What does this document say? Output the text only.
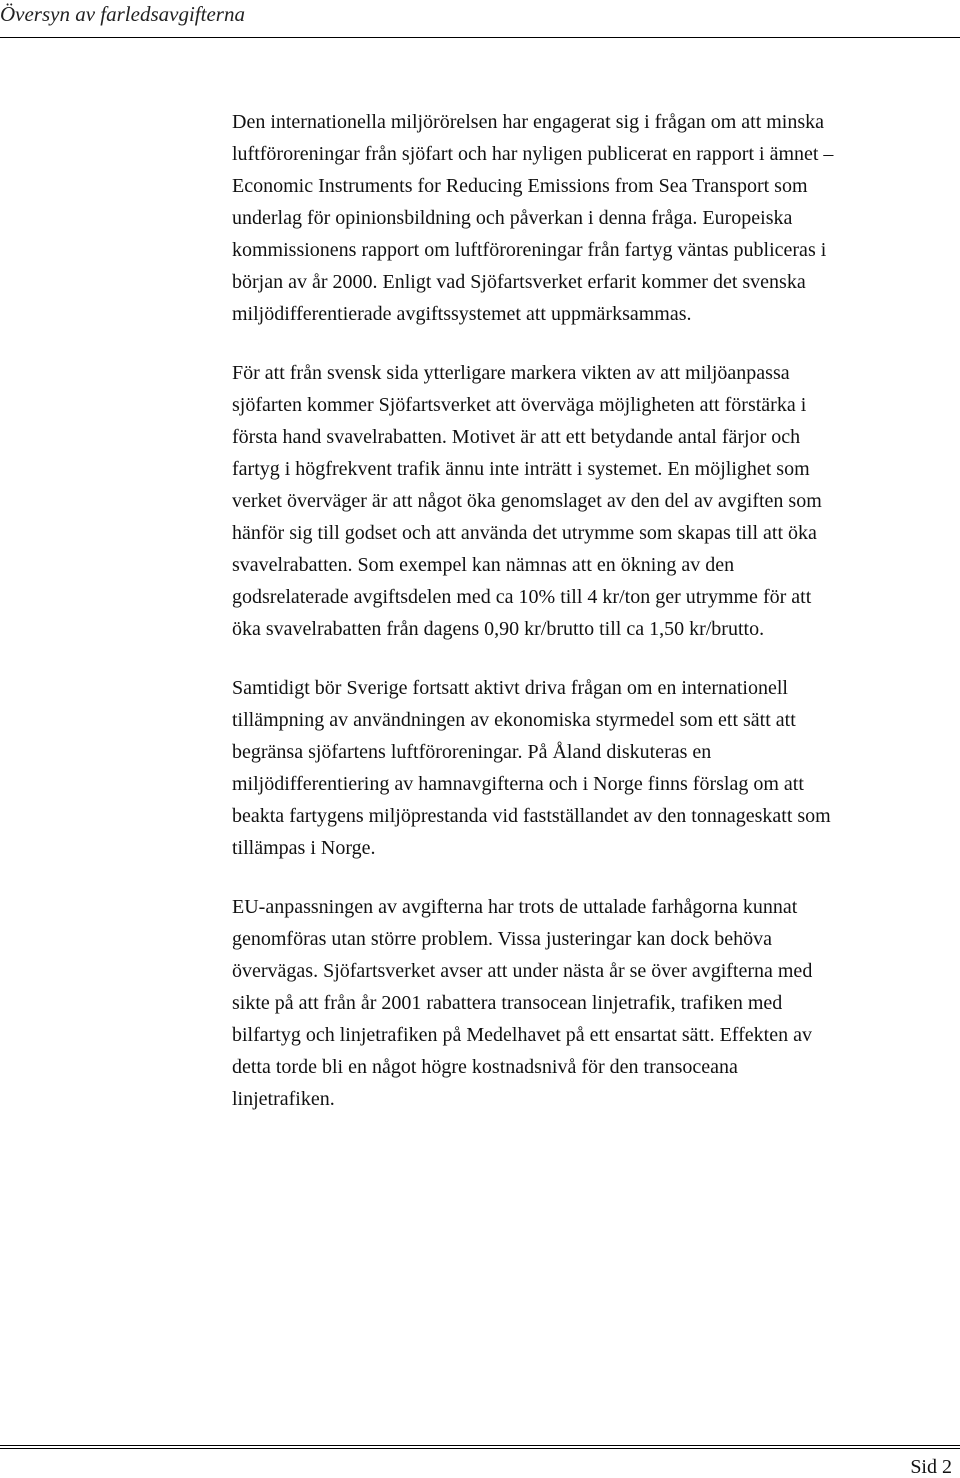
Översyn av farledsavgifterna

Den internationella miljörörelsen har engagerat sig i frågan om att minska
luftföroreningar från sjöfart och har nyligen publicerat en rapport i ämnet –
Economic Instruments for Reducing Emissions from Sea Transport som
underlag för opinionsbildning och påverkan i denna fråga. Europeiska
kommissionens rapport om luftföroreningar från fartyg väntas publiceras i
början av år 2000. Enligt vad Sjöfartsverket erfarit kommer det svenska
miljödifferentierade avgiftssystemet att uppmärksammas.

För att från svensk sida ytterligare markera vikten av att miljöanpassa
sjöfarten kommer Sjöfartsverket att överväga möjligheten att förstärka i
första hand svavelrabatten. Motivet är att ett betydande antal färjor och
fartyg i högfrekvent trafik ännu inte inträtt i systemet. En möjlighet som
verket överväger är att något öka genomslaget av den del av avgiften som
hänför sig till godset och att använda det utrymme som skapas till att öka
svavelrabatten. Som exempel kan nämnas att en ökning av den
godsrelaterade avgiftsdelen med ca 10% till 4 kr/ton ger utrymme för att
öka svavelrabatten från dagens 0,90 kr/brutto till ca 1,50 kr/brutto.

Samtidigt bör Sverige fortsatt aktivt driva frågan om en internationell
tillämpning av användningen av ekonomiska styrmedel som ett sätt att
begränsa sjöfartens luftföroreningar. På Åland diskuteras en
miljödifferentiering av hamnavgifterna och i Norge finns förslag om att
beakta fartygens miljöprestanda vid fastställandet av den tonnageskatt som
tillämpas i Norge.

EU-anpassningen av avgifterna har trots de uttalade farhågorna kunnat
genomföras utan större problem. Vissa justeringar kan dock behöva
övervägas. Sjöfartsverket avser att under nästa år se över avgifterna med
sikte på att från år 2001 rabattera transocean linjetrafik, trafiken med
bilfartyg och linjetrafiken på Medelhavet på ett ensartat sätt. Effekten av
detta torde bli en något högre kostnadsnivå för den transoceana
linjetrafiken.

Sid 2
